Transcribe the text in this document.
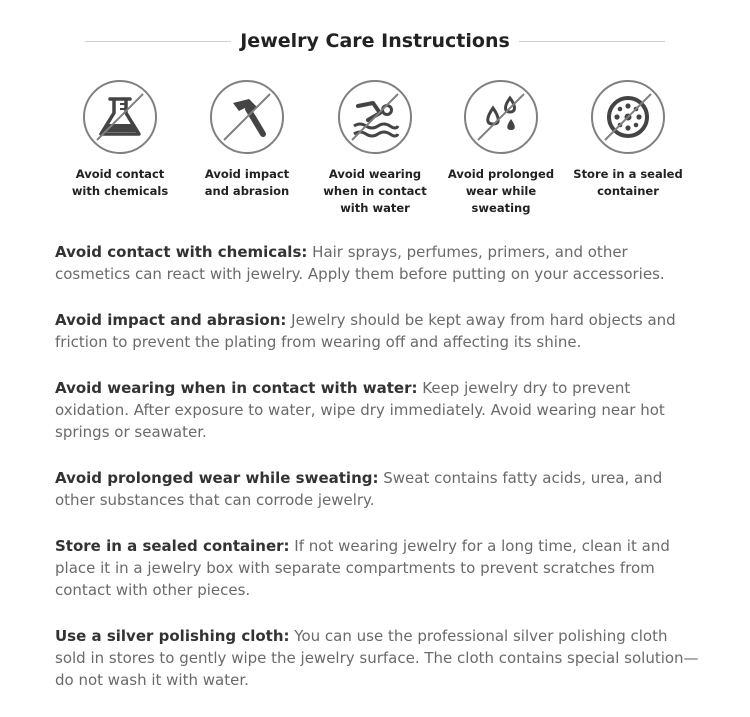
Jewelry Care Instructions
Avoid contact
with chemicals
Avoid impact
and abrasion
Avoid wearing
when in contact
with water
Avoid prolonged
wear while
sweating
Store in a sealed
container

Avoid contact with chemicals: Hair sprays, perfumes, primers, and other cosmetics can react with jewelry. Apply them before putting on your accessories.

Avoid impact and abrasion: Jewelry should be kept away from hard objects and friction to prevent the plating from wearing off and affecting its shine.

Avoid wearing when in contact with water: Keep jewelry dry to prevent oxidation. After exposure to water, wipe dry immediately. Avoid wearing near hot springs or seawater.

Avoid prolonged wear while sweating: Sweat contains fatty acids, urea, and other substances that can corrode jewelry.

Store in a sealed container: If not wearing jewelry for a long time, clean it and place it in a jewelry box with separate compartments to prevent scratches from contact with other pieces.

Use a silver polishing cloth: You can use the professional silver polishing cloth sold in stores to gently wipe the jewelry surface. The cloth contains special solution—do not wash it with water.
